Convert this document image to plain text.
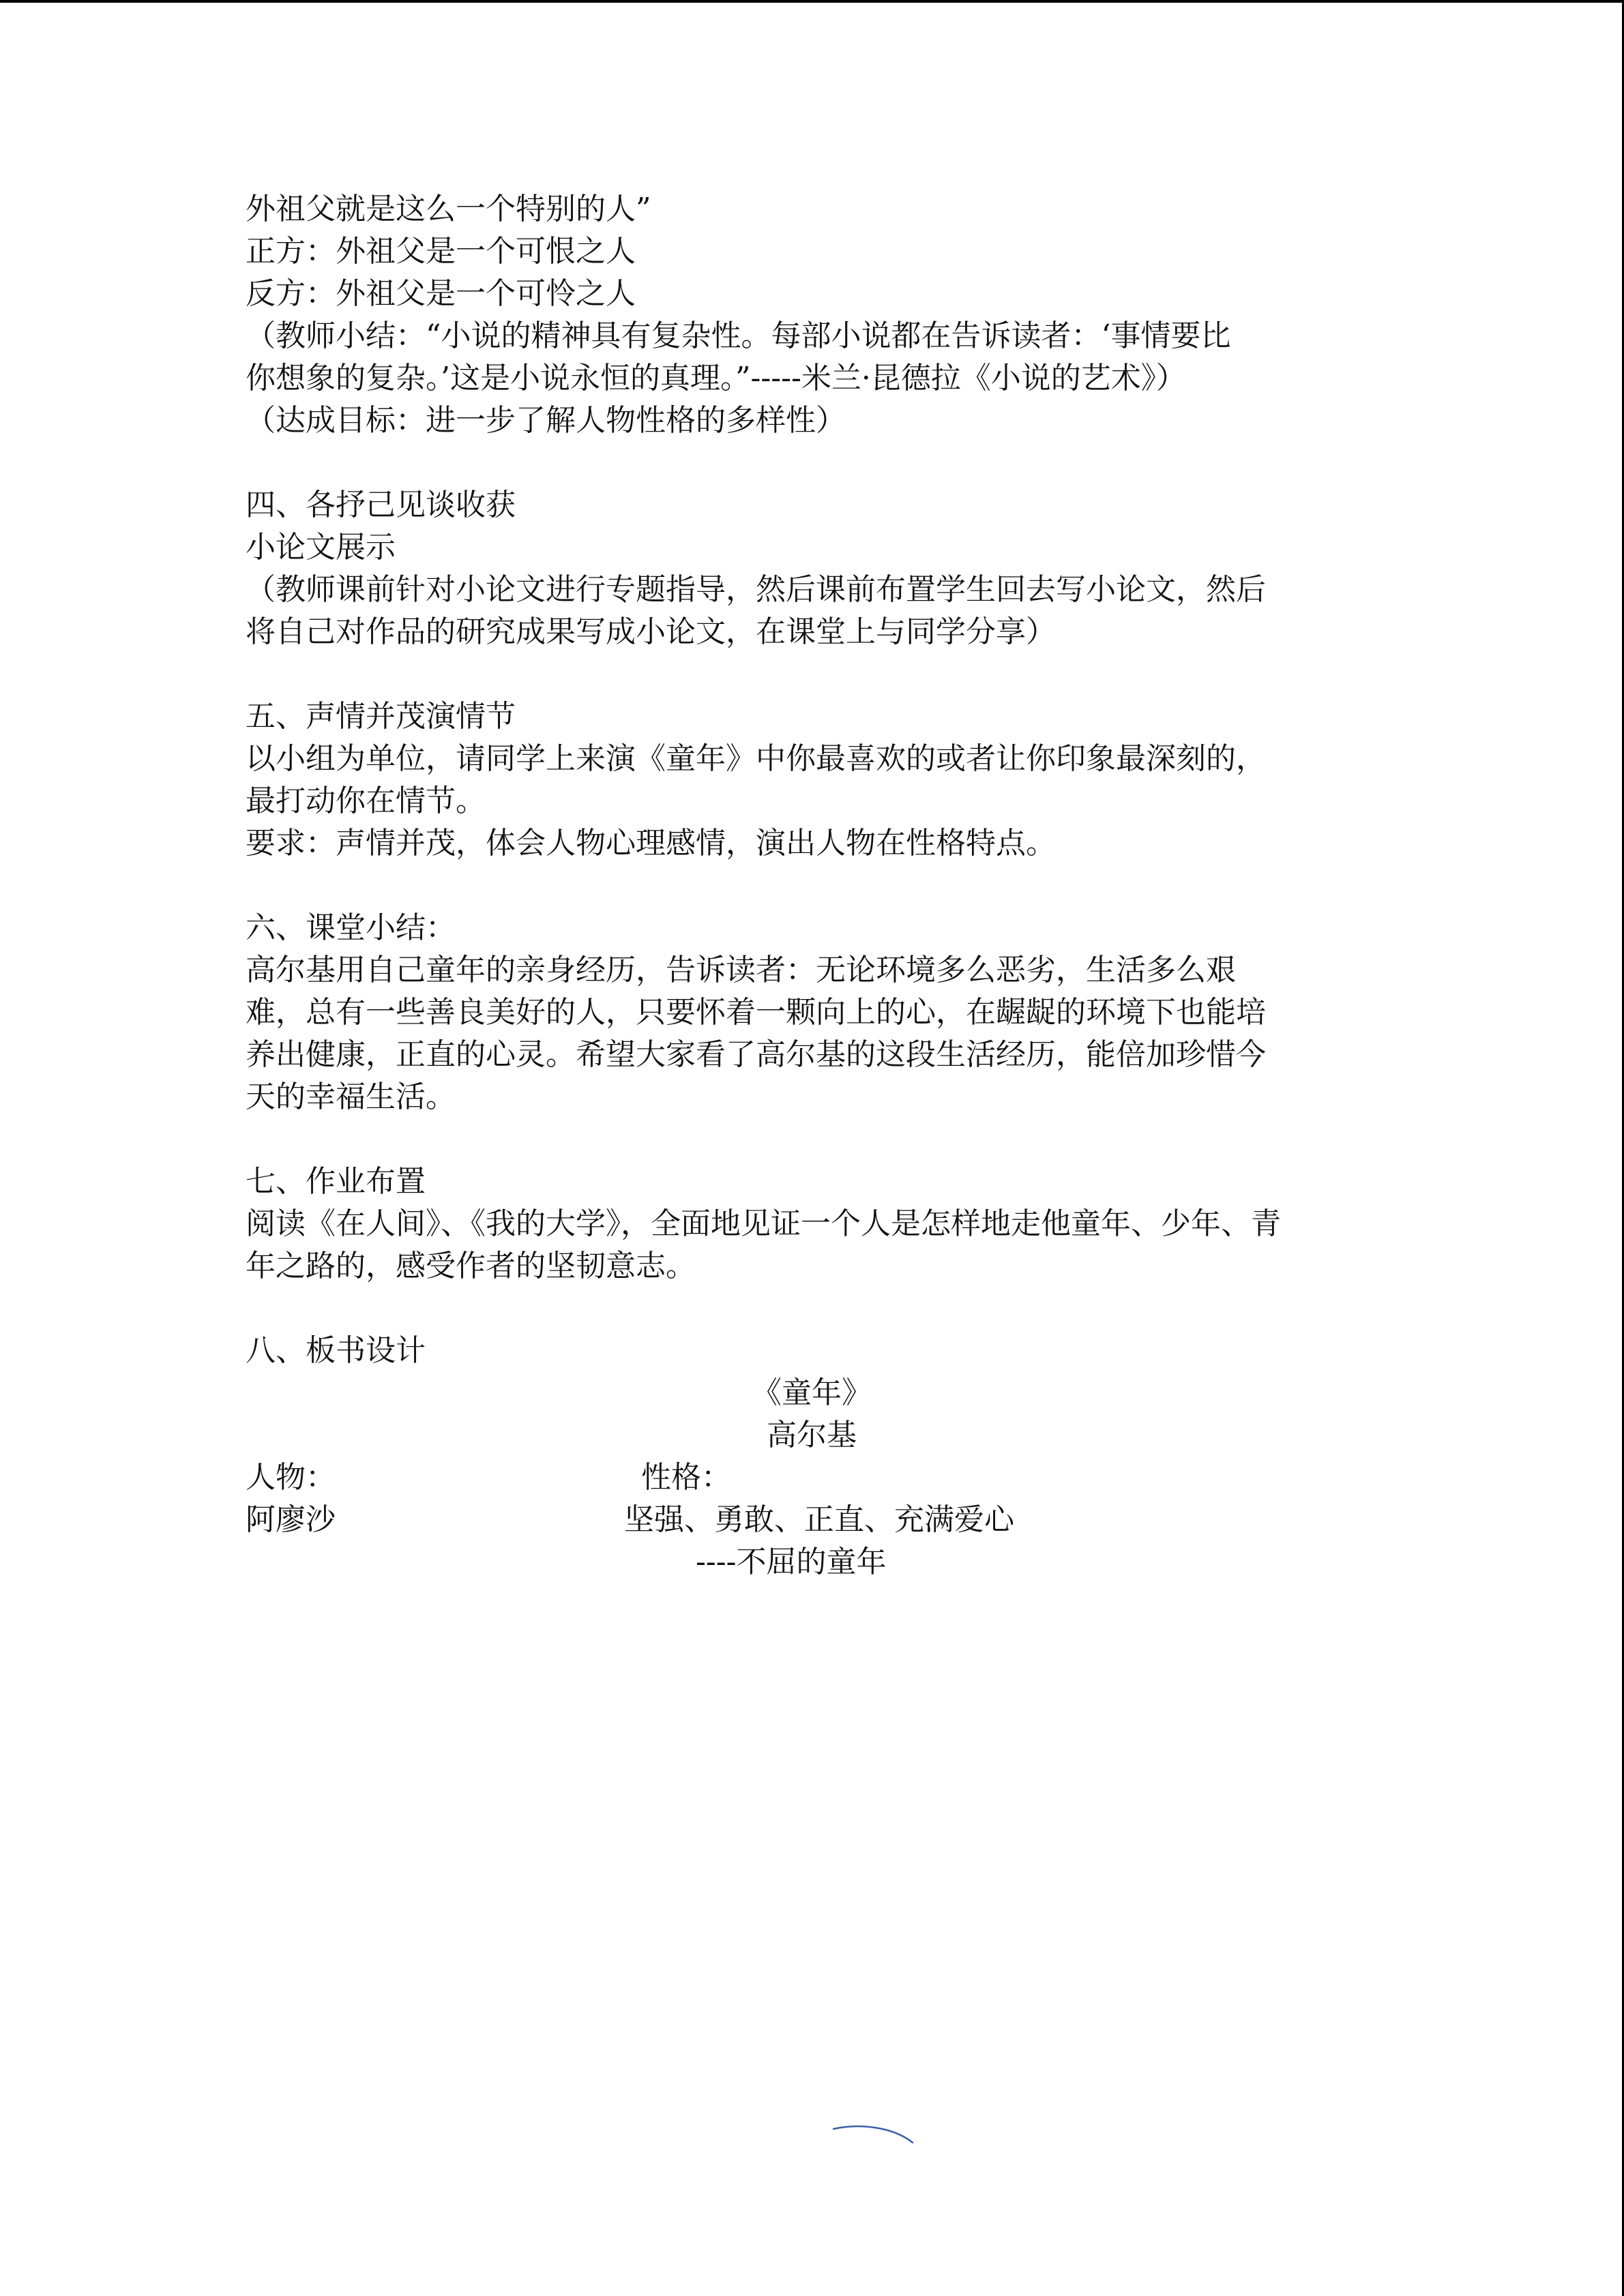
外祖父就是这么一个特别的人”
正方：外祖父是一个可恨之人
反方：外祖父是一个可怜之人
（教师小结：“小说的精神具有复杂性。每部小说都在告诉读者：‘事情要比
你想象的复杂。’这是小说永恒的真理。”-----米兰·昆德拉《小说的艺术》）
（达成目标：进一步了解人物性格的多样性）
四、各抒己见谈收获
小论文展示
（教师课前针对小论文进行专题指导，然后课前布置学生回去写小论文，然后
将自己对作品的研究成果写成小论文，在课堂上与同学分享）
五、声情并茂演情节
以小组为单位，请同学上来演《童年》中你最喜欢的或者让你印象最深刻的，
最打动你在情节。
要求：声情并茂，体会人物心理感情，演出人物在性格特点。
六、课堂小结：
高尔基用自己童年的亲身经历，告诉读者：无论环境多么恶劣，生活多么艰
难，总有一些善良美好的人，只要怀着一颗向上的心，在龌龊的环境下也能培
养出健康，正直的心灵。希望大家看了高尔基的这段生活经历，能倍加珍惜今
天的幸福生活。
七、作业布置
阅读《在人间》、《我的大学》，全面地见证一个人是怎样地走他童年、少年、青
年之路的，感受作者的坚韧意志。
八、板书设计
《童年》
高尔基
人物：	性格：
阿廖沙	坚强、勇敢、正直、充满爱心
----不屈的童年
